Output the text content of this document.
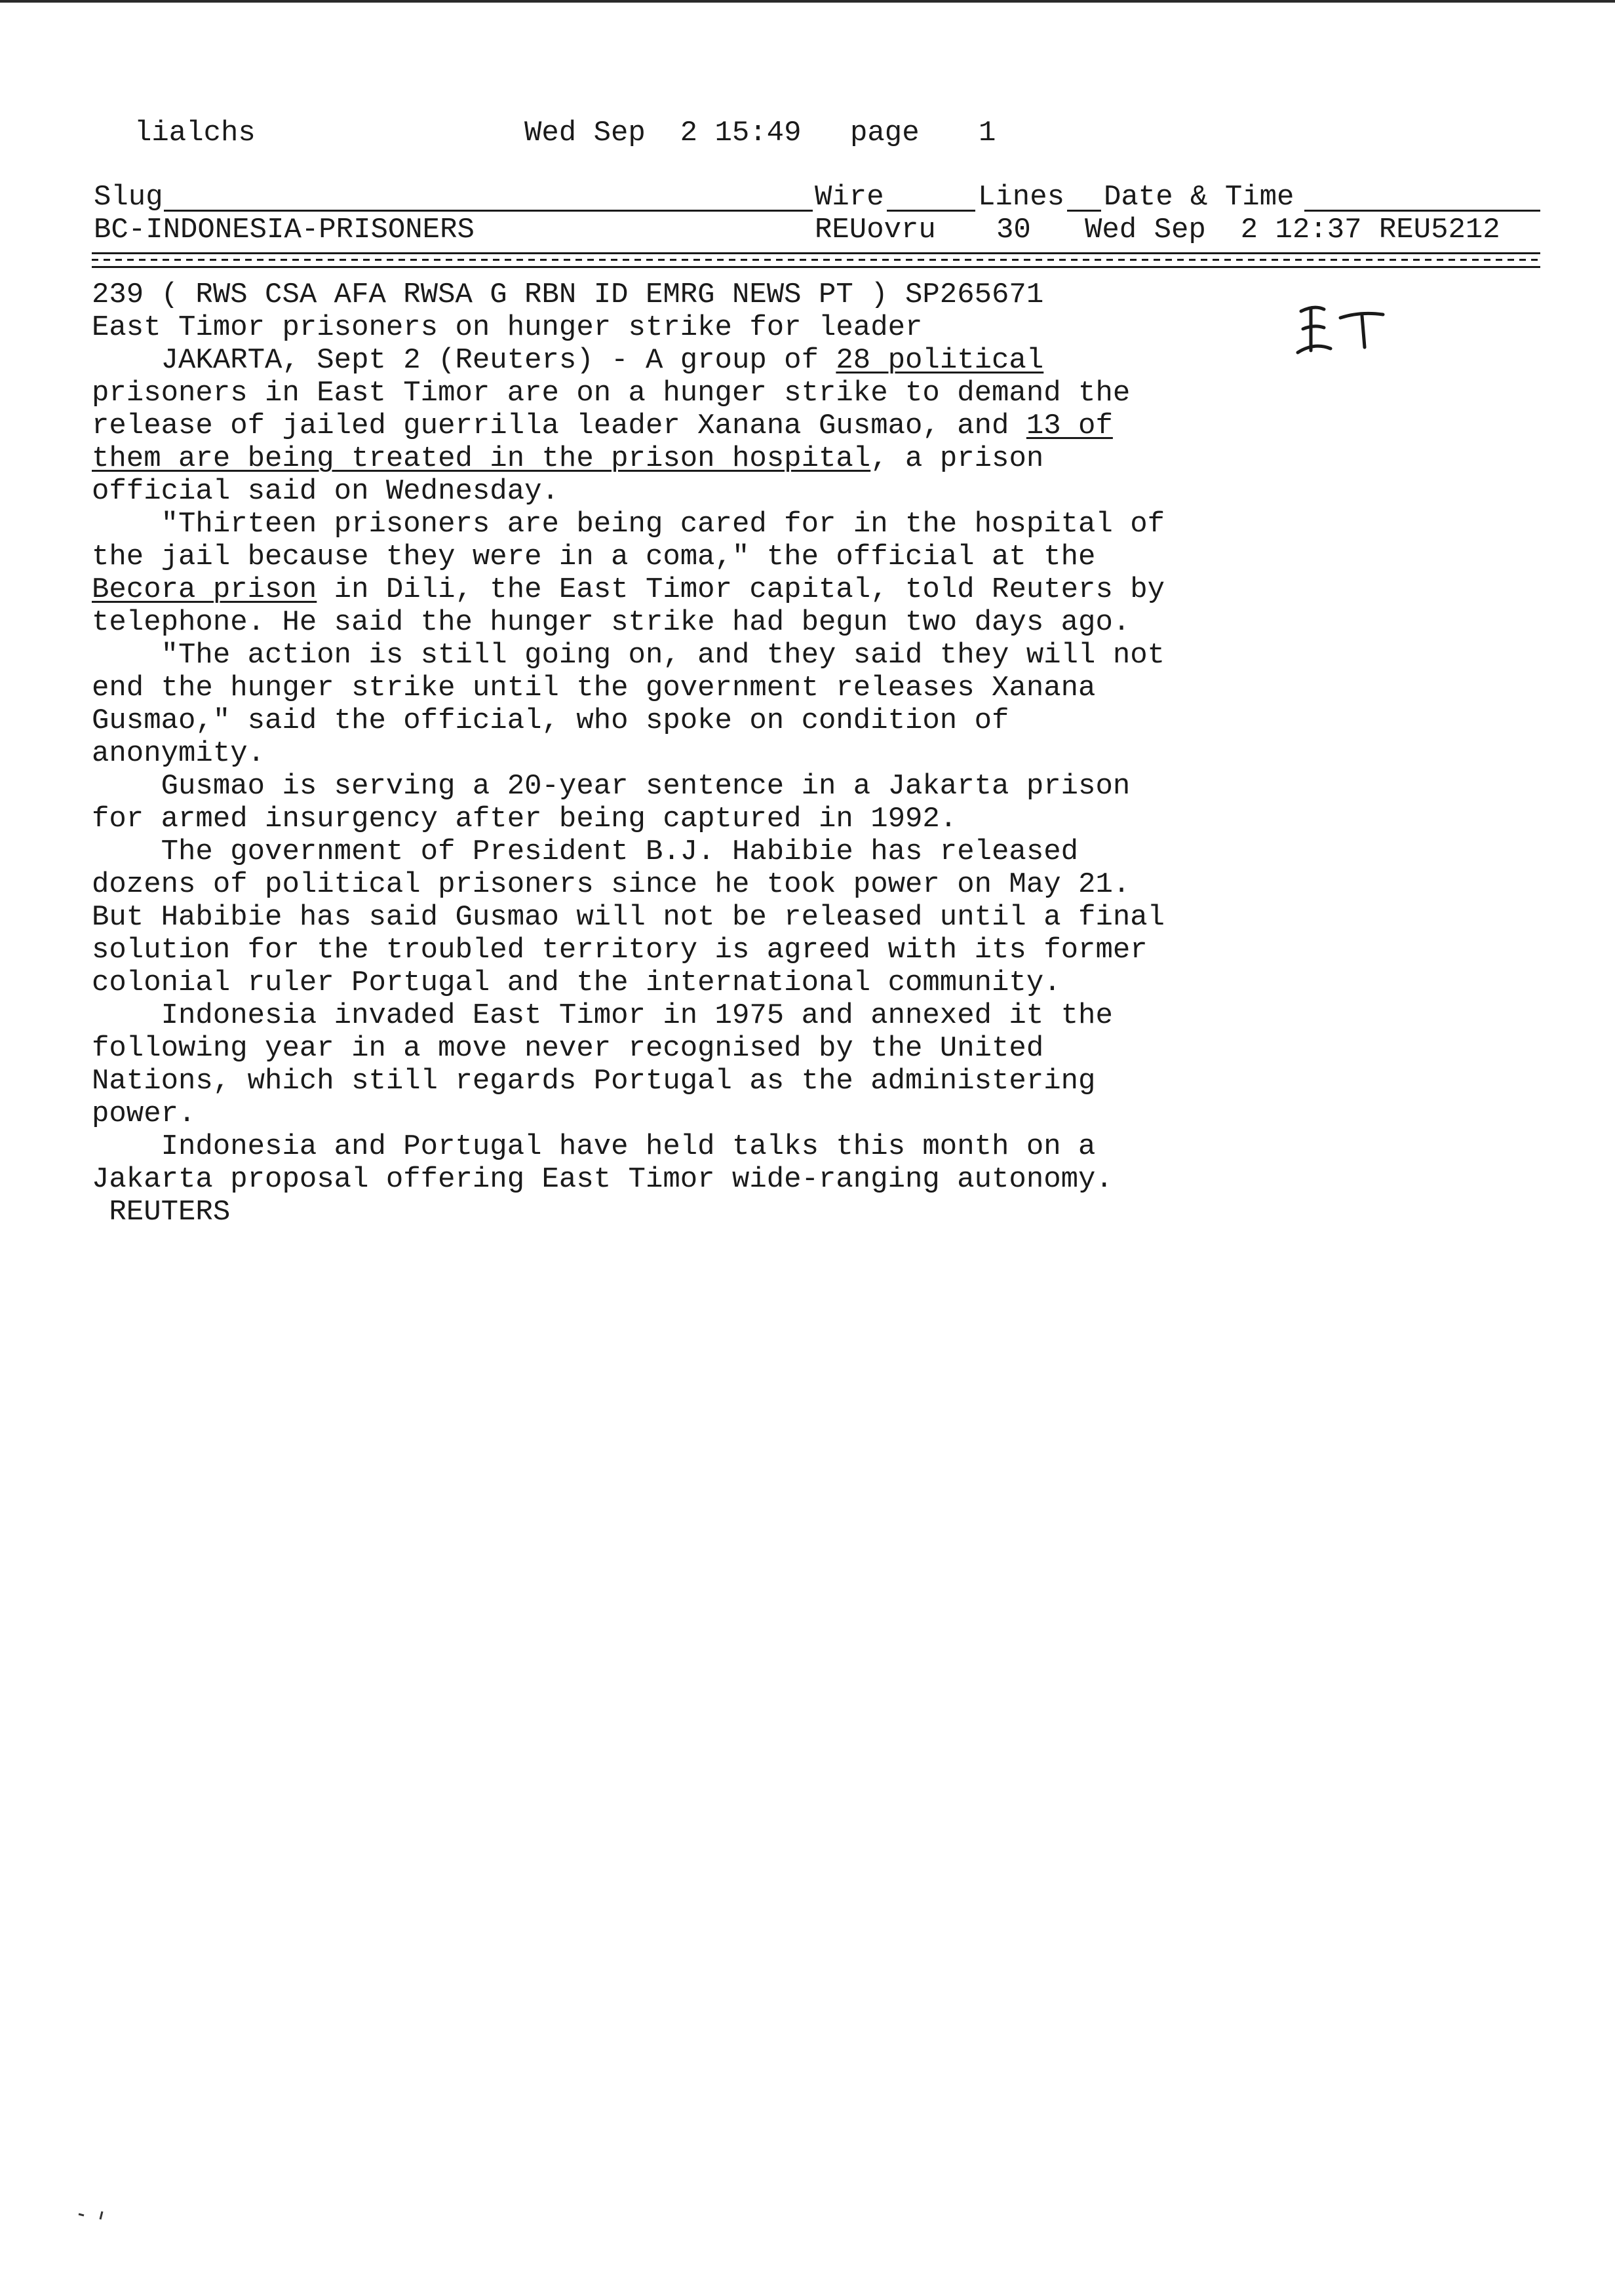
lialchs	Wed Sep  2 15:49 page 1
Slug	Wire	Lines Date & Time
BC-INDONESIA-PRISONERS	REUovru 30 Wed Sep  2 12:37 REU5212
239 ( RWS CSA AFA RWSA G RBN ID EMRG NEWS PT ) SP265671
East Timor prisoners on hunger strike for leader
JAKARTA, Sept 2 (Reuters) - A group of 28 political
prisoners in East Timor are on a hunger strike to demand the
release of jailed guerrilla leader Xanana Gusmao, and 13 of
them are being treated in the prison hospital, a prison
official said on Wednesday.
"Thirteen prisoners are being cared for in the hospital of
the jail because they were in a coma," the official at the
Becora prison in Dili, the East Timor capital, told Reuters by
telephone. He said the hunger strike had begun two days ago.
"The action is still going on, and they said they will not
end the hunger strike until the government releases Xanana
Gusmao," said the official, who spoke on condition of
anonymity.
Gusmao is serving a 20-year sentence in a Jakarta prison
for armed insurgency after being captured in 1992.
The government of President B.J. Habibie has released
dozens of political prisoners since he took power on May 21.
But Habibie has said Gusmao will not be released until a final
solution for the troubled territory is agreed with its former
colonial ruler Portugal and the international community.
Indonesia invaded East Timor in 1975 and annexed it the
following year in a move never recognised by the United
Nations, which still regards Portugal as the administering
power.
Indonesia and Portugal have held talks this month on a
Jakarta proposal offering East Timor wide-ranging autonomy.
REUTERS
